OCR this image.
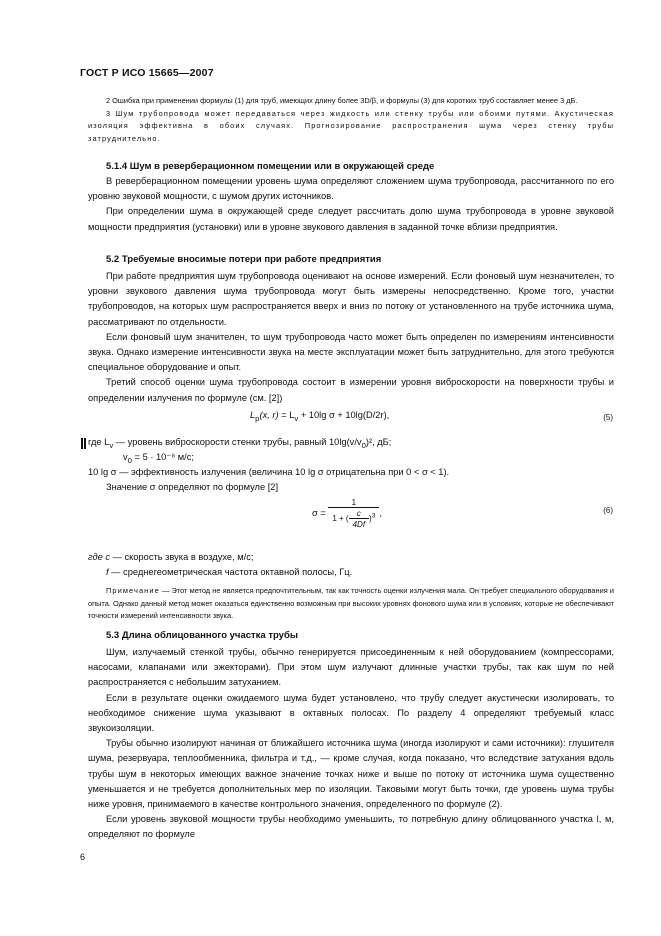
ГОСТ Р ИСО 15665—2007

2 Ошибка при применении формулы (1) для труб, имеющих длину более 3D/β, и формулы (3) для коротких труб составляет менее 3 дБ.

3 Шум трубопровода может передаваться через жидкость или стенку трубы или обоими путями. Акустическая изоляция эффективна в обоих случаях. Прогнозирование распространения шума через стенку трубы затруднительно.

5.1.4 Шум в реверберационном помещении или в окружающей среде

В реверберационном помещении уровень шума определяют сложением шума трубопровода, рассчитанного по его уровню звуковой мощности, с шумом других источников.

При определении шума в окружающей среде следует рассчитать долю шума трубопровода в уровне звуковой мощности предприятия (установки) или в уровне звукового давления в заданной точке вблизи предприятия.

5.2 Требуемые вносимые потери при работе предприятия

При работе предприятия шум трубопровода оценивают на основе измерений. Если фоновый шум незначителен, то уровни звукового давления шума трубопровода могут быть измерены непосредственно. Кроме того, участки трубопроводов, на которых шум распространяется вверх и вниз по потоку от установленного на трубе источника шума, рассматривают по отдельности.

Если фоновый шум значителен, то шум трубопровода часто может быть определен по измерениям интенсивности звука. Однако измерение интенсивности звука на месте эксплуатации может быть затруднительно, для этого требуются специальное оборудование и опыт.

Третий способ оценки шума трубопровода состоит в измерении уровня виброскорости на поверхности трубы и определении излучения по формуле (см. [2])

$L_p(x$, $r) = L_v + 10\lg$ σ + 10lg(D/2r),	(5)
где $L_v$ — уровень виброскорости стенки трубы, равный $10\lg(v/v_0)^2$, дБ;
$v_0 = 5 \cdot 10^{-8}$ м/с;
10 lg σ — эффективность излучения (величина 10 lg σ отрицательна при 0 < σ < 1).
Значение σ определяют по формуле [2]
$\sigma = \frac{1}{1 + ( \frac{c}{4Df} )^3}$ ,	(6)
где c — скорость звука в воздухе, м/с;
f — среднегеометрическая частота октавной полосы, Гц.

Примечание — Этот метод не является предпочтительным, так как точность оценки излучения мала. Он требует специального оборудования и опыта. Однако данный метод может оказаться единственно возможным при высоких уровнях фонового шума или в условиях, которые не обеспечивают точности измерений интенсивности звука.

5.3 Длина облицованного участка трубы

Шум, излучаемый стенкой трубы, обычно генерируется присоединенным к ней оборудованием (компрессорами, насосами, клапанами или эжекторами). При этом шум излучают длинные участки трубы, так как шум по ней распространяется с небольшим затуханием.

Если в результате оценки ожидаемого шума будет установлено, что трубу следует акустически изолировать, то необходимое снижение шума указывают в октавных полосах. По разделу 4 определяют требуемый класс звукоизоляции.

Трубы обычно изолируют начиная от ближайшего источника шума (иногда изолируют и сами источники): глушителя шума, резервуара, теплообменника, фильтра и т.д., — кроме случая, когда показано, что вследствие затухания вдоль трубы шум в некоторых имеющих важное значение точках ниже и выше по потоку от источника шума существенно уменьшается и не требуется дополнительных мер по изоляции. Таковыми могут быть точки, где уровень шума трубы ниже уровня, принимаемого в качестве контрольного значения, определенного по формуле (2).

Если уровень звуковой мощности трубы необходимо уменьшить, то потребную длину облицованного участка l, м, определяют по формуле

6
